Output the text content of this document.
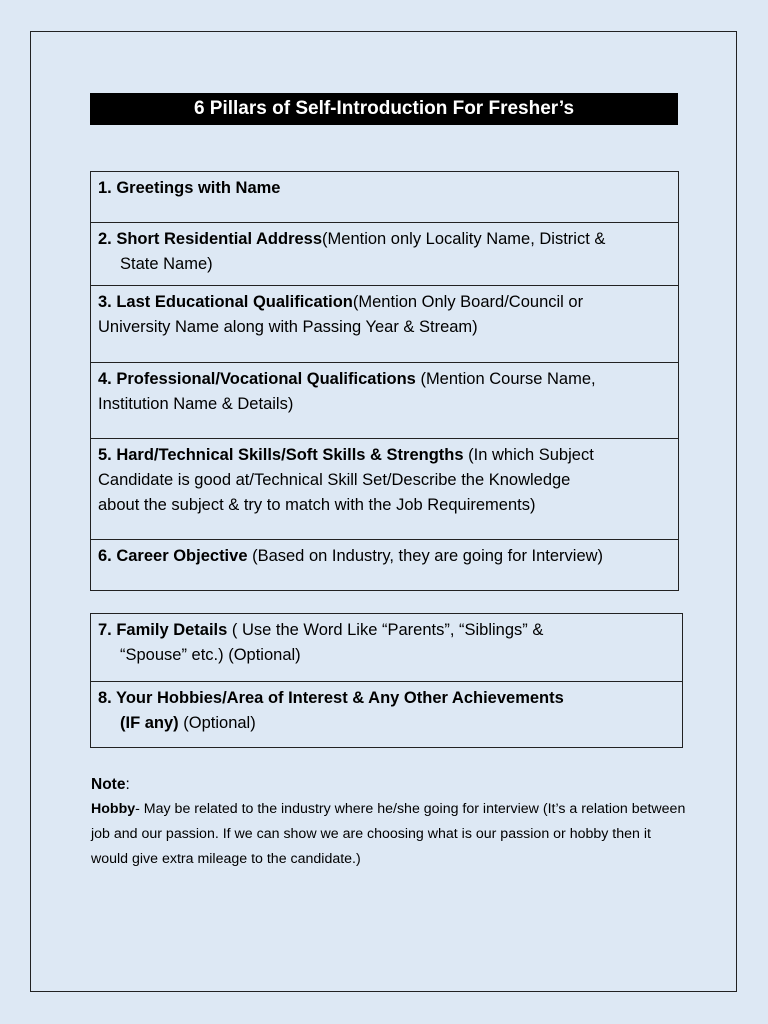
6 Pillars of Self-Introduction For Fresher’s
1. Greetings with Name
2. Short Residential Address(Mention only Locality Name, District &
State Name)
3. Last Educational Qualification(Mention Only Board/Council or
University Name along with Passing Year & Stream)
4. Professional/Vocational Qualifications (Mention Course Name,
Institution Name & Details)
5. Hard/Technical Skills/Soft Skills & Strengths (In which Subject
Candidate is good at/Technical Skill Set/Describe the Knowledge
about the subject & try to match with the Job Requirements)
6. Career Objective (Based on Industry, they are going for Interview)
7. Family Details ( Use the Word Like “Parents”, “Siblings” &
“Spouse” etc.) (Optional)
8. Your Hobbies/Area of Interest & Any Other Achievements
(IF any) (Optional)
Note:
Hobby- May be related to the industry where he/she going for interview (It’s a relation between job and our passion. If we can show we are choosing what is our passion or hobby then it would give extra mileage to the candidate.)
